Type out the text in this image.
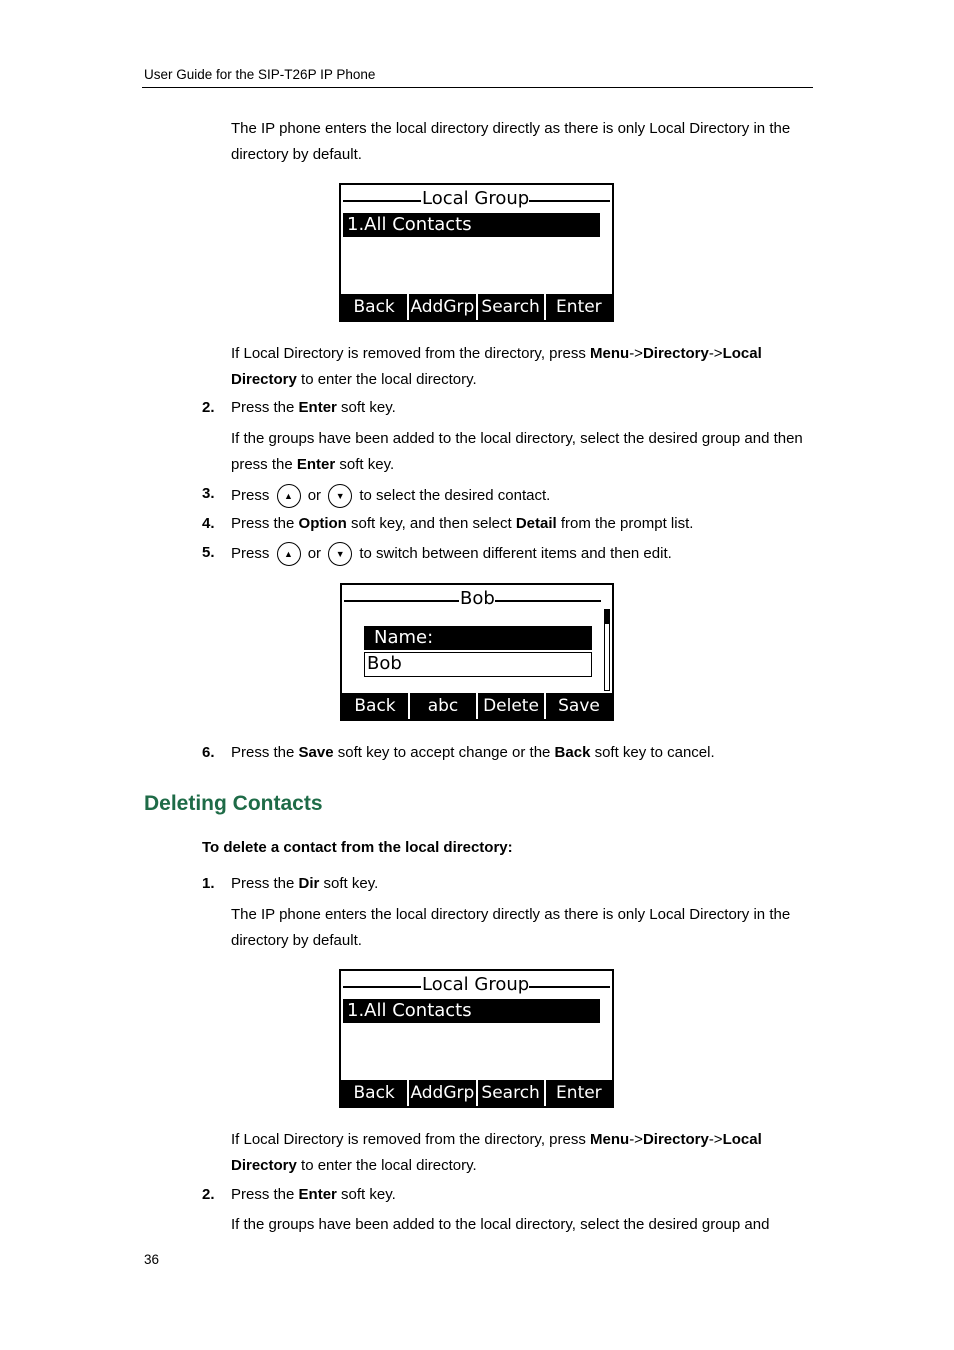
User Guide for the SIP-T26P IP Phone
The IP phone enters the local directory directly as there is only Local Directory in the directory by default.
Local Group
1.All Contacts
Back AddGrp Search Enter
If Local Directory is removed from the directory, press Menu->Directory->Local Directory to enter the local directory.
2. Press the Enter soft key.
If the groups have been added to the local directory, select the desired group and then press the Enter soft key.
3. Press ▲ or ▼ to select the desired contact.
4. Press the Option soft key, and then select Detail from the prompt list.
5. Press ▲ or ▼ to switch between different items and then edit.
Bob
Name:
Bob
Back	abc	Delete	Save
6. Press the Save soft key to accept change or the Back soft key to cancel.
Deleting Contacts
To delete a contact from the local directory:
1. Press the Dir soft key.
The IP phone enters the local directory directly as there is only Local Directory in the directory by default.
Local Group
1.All Contacts
Back AddGrp Search Enter
If Local Directory is removed from the directory, press Menu->Directory->Local Directory to enter the local directory.
2. Press the Enter soft key.
If the groups have been added to the local directory, select the desired group and
36
